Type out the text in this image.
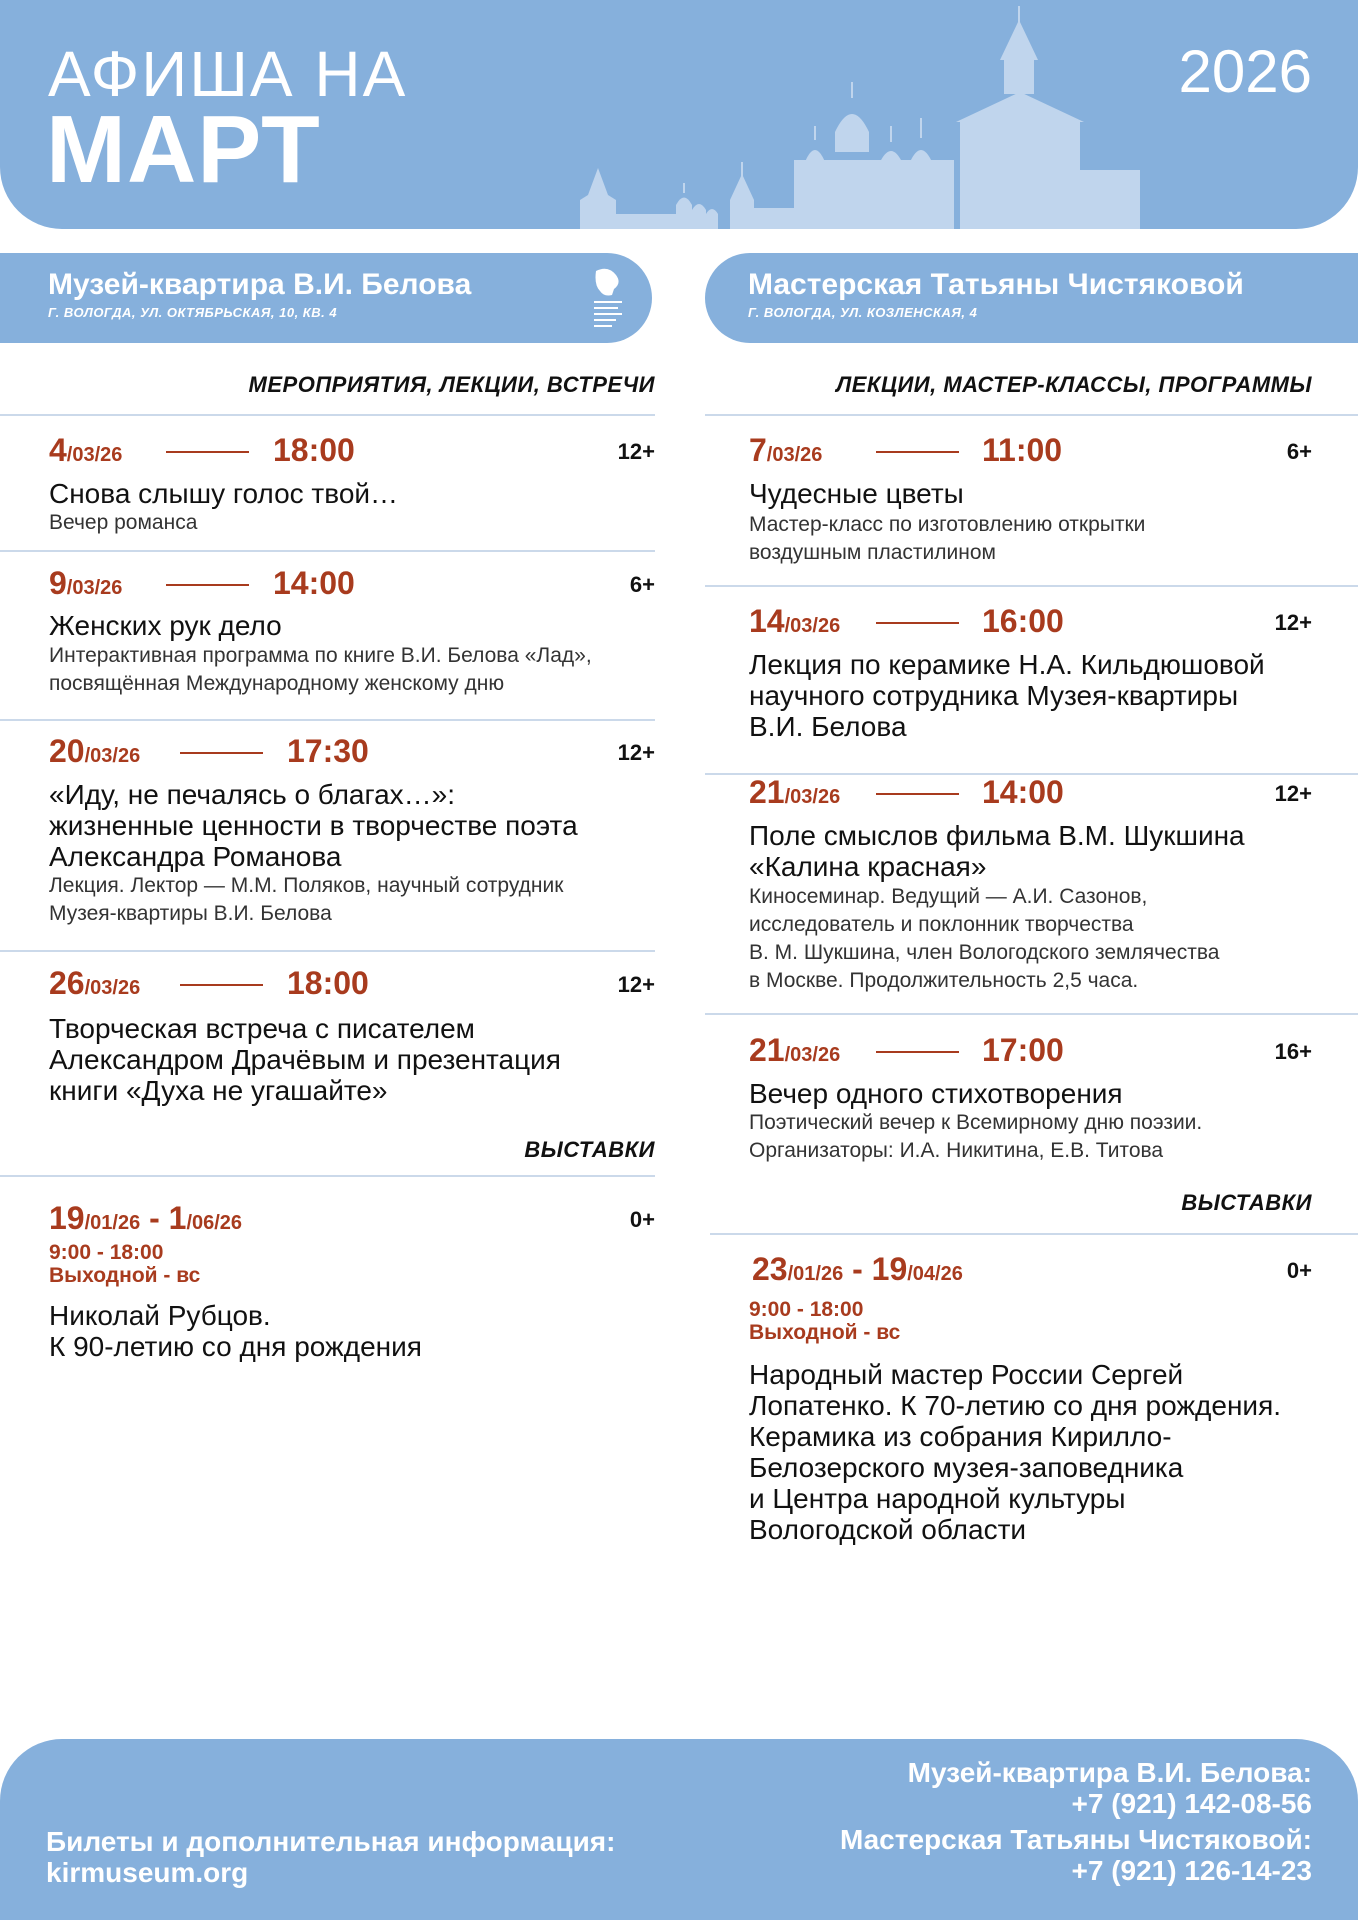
АФИША НА
МАРТ
2026
Музей-квартира В.И. Белова
Г. ВОЛОГДА, УЛ. ОКТЯБРЬСКАЯ, 10, КВ. 4
Мастерская Татьяны Чистяковой
Г. ВОЛОГДА, УЛ. КОЗЛЕНСКАЯ, 4
МЕРОПРИЯТИЯ, ЛЕКЦИИ, ВСТРЕЧИ
4/03/26	18:00	12+
Снова слышу голос твой…
Вечер романса
9/03/26	14:00	6+
Женских рук дело
Интерактивная программа по книге В.И. Белова «Лад»,
посвящённая Международному женскому дню
20/03/26	17:30	12+
«Иду, не печалясь о благах…»:
жизненные ценности в творчестве поэта
Александра Романова
Лекция. Лектор — М.М. Поляков, научный сотрудник
Музея-квартиры В.И. Белова
26/03/26	18:00	12+
Творческая встреча с писателем
Александром Драчёвым и презентация
книги «Духа не угашайте»
ВЫСТАВКИ
19/01/26 - 1/06/26	0+
9:00 - 18:00
Выходной - вс
Николай Рубцов.
К 90-летию со дня рождения
ЛЕКЦИИ, МАСТЕР-КЛАССЫ, ПРОГРАММЫ
7/03/26	11:00	6+
Чудесные цветы
Мастер-класс по изготовлению открытки
воздушным пластилином
14/03/26	16:00	12+
Лекция по керамике Н.А. Кильдюшовой
научного сотрудника Музея-квартиры
В.И. Белова
21/03/26	14:00	12+
Поле смыслов фильма В.М. Шукшина
«Калина красная»
Киносеминар. Ведущий — А.И. Сазонов,
исследователь и поклонник творчества
В. М. Шукшина, член Вологодского землячества
в Москве. Продолжительность 2,5 часа.
21/03/26	17:00	16+
Вечер одного стихотворения
Поэтический вечер к Всемирному дню поэзии.
Организаторы: И.А. Никитина, Е.В. Титова
ВЫСТАВКИ
23/01/26 - 19/04/26	0+
9:00 - 18:00
Выходной - вс
Народный мастер России Сергей
Лопатенко. К 70-летию со дня рождения.
Керамика из собрания Кирилло-
Белозерского музея-заповедника
и Центра народной культуры
Вологодской области
Билеты и дополнительная информация:
kirmuseum.org
Музей-квартира В.И. Белова:
+7 (921) 142-08-56
Мастерская Татьяны Чистяковой:
+7 (921) 126-14-23
